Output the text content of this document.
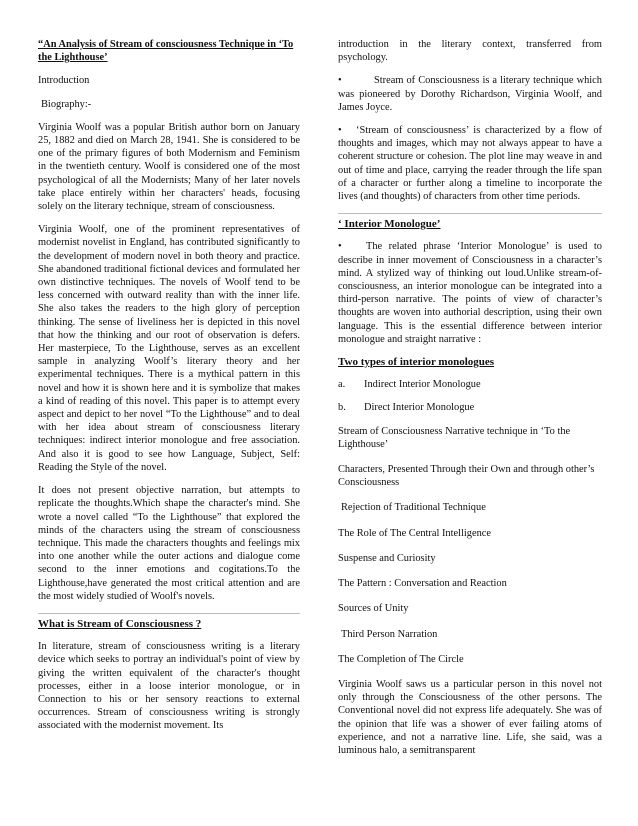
“An Analysis of Stream of consciousness Technique in ‘To the Lighthouse’

Introduction

Biography:-

Virginia Woolf was a popular British author born on January 25, 1882 and died on March 28, 1941. She is considered to be one of the primary figures of both Modernism and Feminism in the twentieth century. Woolf is considered one of the most psychological of all the Modernists; Many of her later novels take place entirely within her characters' heads, focusing solely on the literary technique, stream of consciousness.

Virginia Woolf, one of the prominent representatives of modernist novelist in England, has contributed significantly to the development of modern novel in both theory and practice. She abandoned traditional fictional devices and formulated her own distinctive techniques. The novels of Woolf tend to be less concerned with outward reality than with the inner life. She also takes the readers to the high glory of perception thinking. The sense of liveliness her is depicted in this novel that how the thinking and our root of observation is defers. Her masterpiece, To the Lighthouse, serves as an excellent sample in analyzing Woolf’s literary theory and her experimental techniques. There is a mythical pattern in this novel and how it is shown here and it is symbolize that makes a kind of reading of this novel. This paper is to attempt every aspect and depict to her novel “To the Lighthouse” and to deal with her idea about stream of consciousness literary techniques: indirect interior monologue and free association. And also it is good to see how Language, Subject, Self: Reading the Style of the novel.

It does not present objective narration, but attempts to replicate the thoughts.Which shape the character's mind. She wrote a novel called “To the Lighthouse” that explored the minds of the characters using the stream of consciousness technique. This made the characters thoughts and feelings mix into one another while the outer actions and dialogue come second to the inner emotions and cogitations.To the Lighthouse,have generated the most critical attention and are the most widely studied of Woolf's novels.

What is Stream of Consciousness ?

In literature, stream of consciousness writing is a literary device which seeks to portray an individual's point of view by giving the written equivalent of the character's thought processes, either in a loose interior monologue, or in Connection to his or her sensory reactions to external occurrences. Stream of consciousness writing is strongly associated with the modernist movement. Its

introduction in the literary context, transferred from psychology.

•	Stream of Consciousness is a literary technique which was pioneered by Dorothy Richardson, Virginia Woolf, and James Joyce.

• ‘Stream of consciousness’ is characterized by a flow of thoughts and images, which may not always appear to have a coherent structure or cohesion. The plot line may weave in and out of time and place, carrying the reader through the life span of a character or further along a timeline to incorporate the lives (and thoughts) of characters from other time periods.

‘ Interior Monologue’

• The related phrase ‘Interior Monologue’ is used to describe in inner movement of Consciousness in a character’s mind. A stylized way of thinking out loud.Unlike stream-of-consciousness, an interior monologue can be integrated into a third-person narrative. The points of view of character’s thoughts are woven into authorial description, using their own language. This is the essential difference between interior monologue and straight narrative :

Two types of interior monologues

a. Indirect Interior Monologue

b. Direct Interior Monologue

Stream of Consciousness Narrative technique in ‘To the Lighthouse’

Characters, Presented Through their Own and through other’s Consciousness

Rejection of Traditional Technique

The Role of The Central Intelligence

Suspense and Curiosity

The Pattern : Conversation and Reaction

Sources of Unity

Third Person Narration

The Completion of The Circle

Virginia Woolf saws us a particular person in this novel not only through the Consciousness of the other persons. The Conventional novel did not express life adequately. She was of the opinion that life was a shower of ever failing atoms of experience, and not a narrative line. Life, she said, was a luminous halo, a semitransparent
